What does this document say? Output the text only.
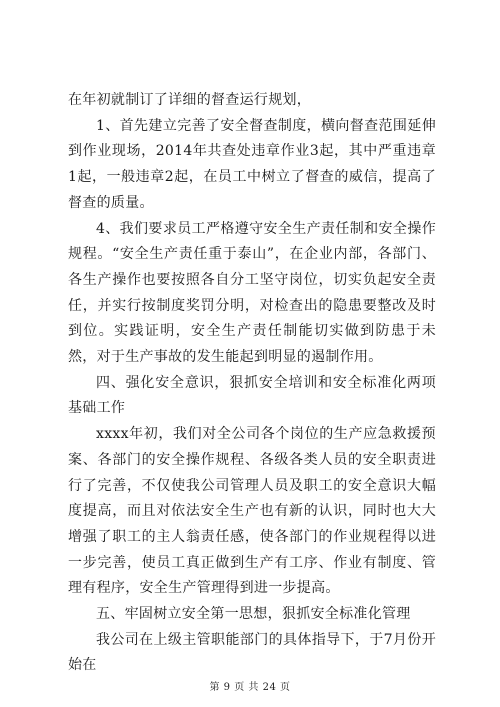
在年初就制订了详细的督查运行规划，

1、首先建立完善了安全督查制度，横向督查范围延伸到作业现场，2014年共查处违章作业3起，其中严重违章1起，一般违章2起，在员工中树立了督查的威信，提高了督查的质量。

4、我们要求员工严格遵守安全生产责任制和安全操作规程。“安全生产责任重于泰山”，在企业内部，各部门、各生产操作也要按照各自分工坚守岗位，切实负起安全责任，并实行按制度奖罚分明，对检查出的隐患要整改及时到位。实践证明，安全生产责任制能切实做到防患于未然，对于生产事故的发生能起到明显的遏制作用。

四、强化安全意识，狠抓安全培训和安全标准化两项基础工作

xxxx年初，我们对全公司各个岗位的生产应急救援预案、各部门的安全操作规程、各级各类人员的安全职责进行了完善，不仅使我公司管理人员及职工的安全意识大幅度提高，而且对依法安全生产也有新的认识，同时也大大增强了职工的主人翁责任感，使各部门的作业规程得以进一步完善，使员工真正做到生产有工序、作业有制度、管理有程序，安全生产管理得到进一步提高。

五、牢固树立安全第一思想，狠抓安全标准化管理

我公司在上级主管职能部门的具体指导下，于7月份开始在

第 9 页 共 24 页
